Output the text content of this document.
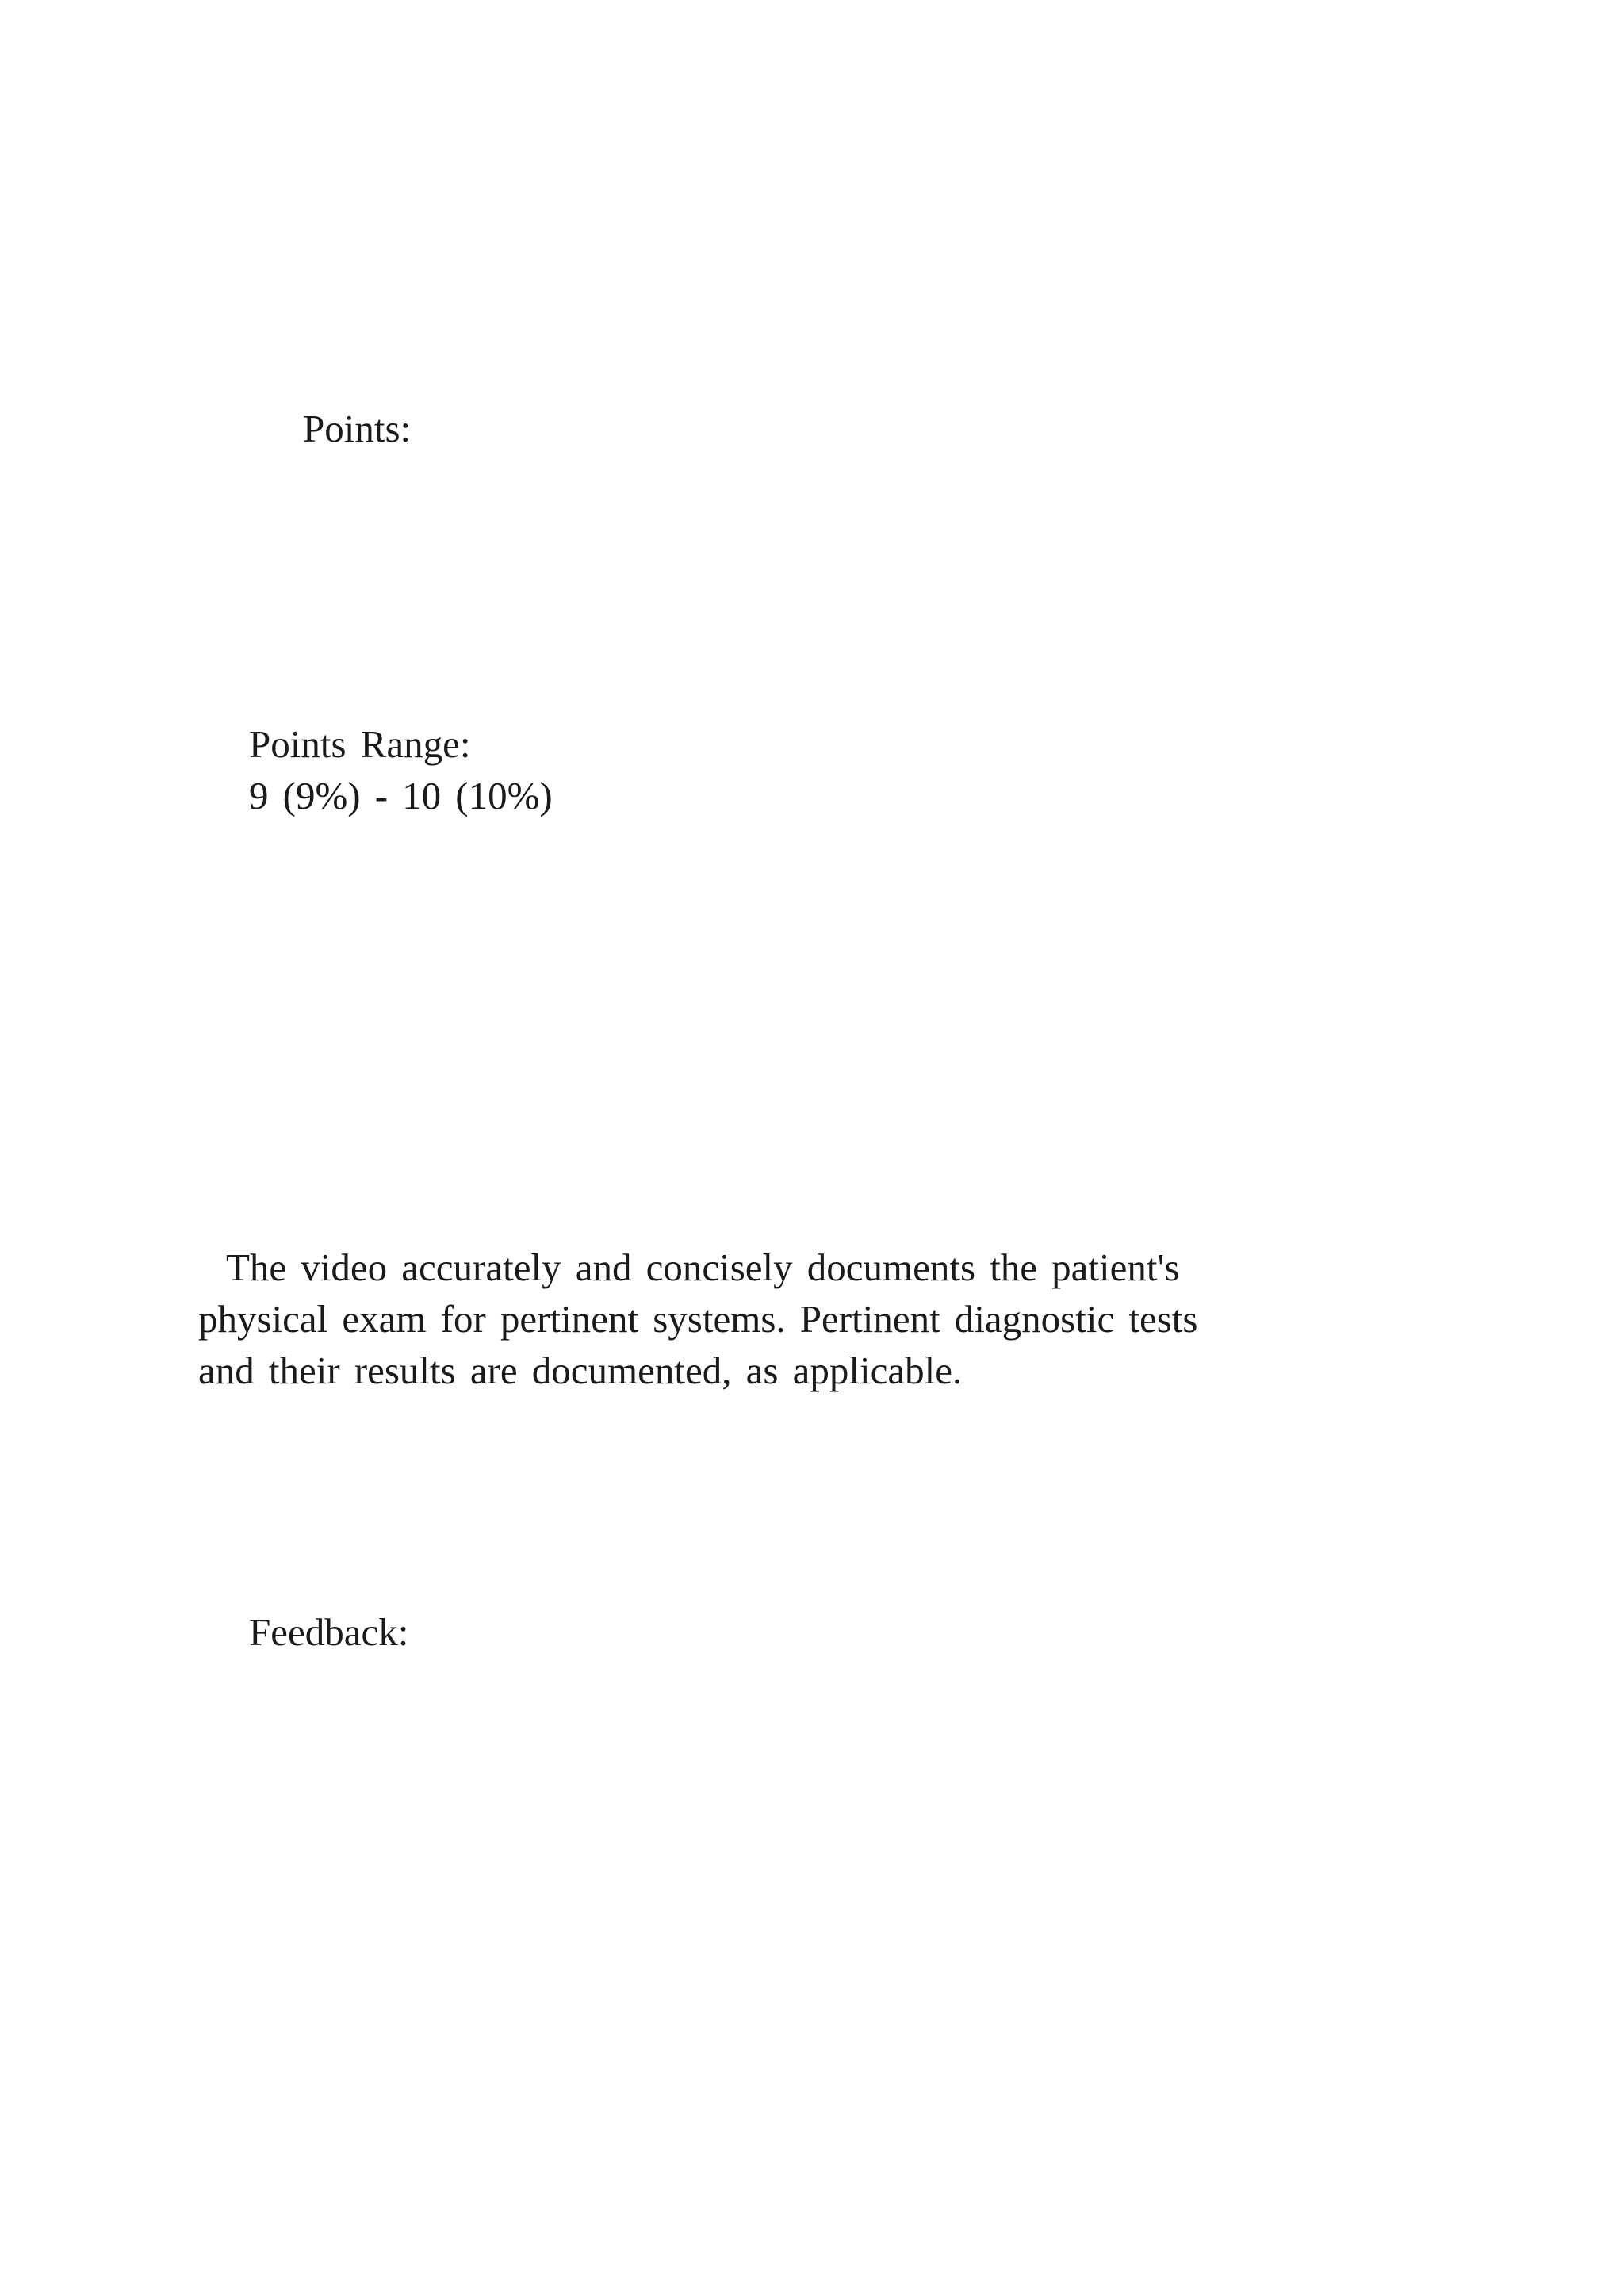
Points:
Points Range:
9 (9%) - 10 (10%)
The video accurately and concisely documents the patient's
physical exam for pertinent systems. Pertinent diagnostic tests
and their results are documented, as applicable.
Feedback:
